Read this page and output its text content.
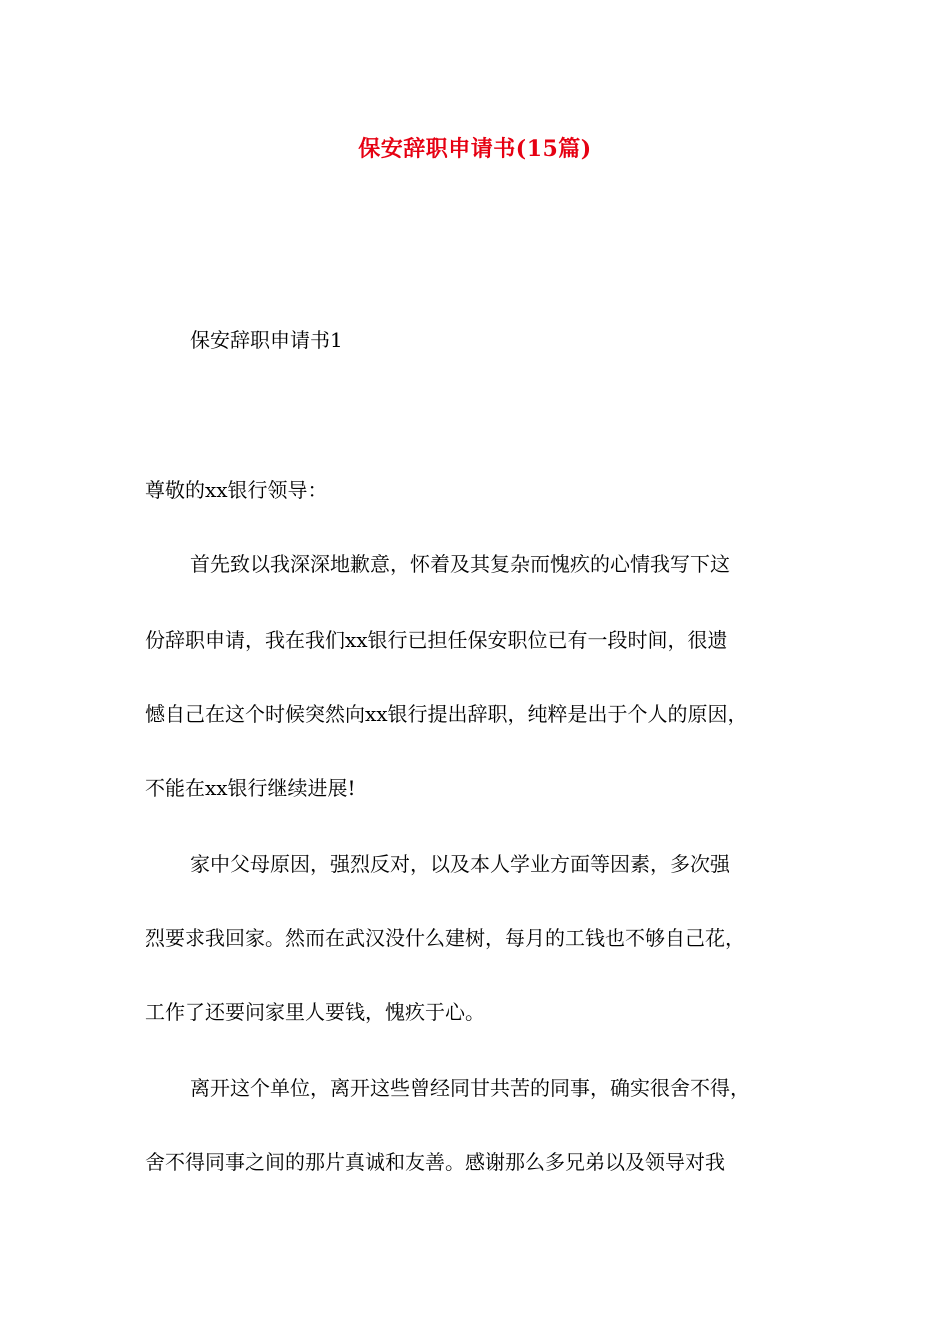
保安辞职申请书(15篇)
保安辞职申请书1
尊敬的xx银行领导：
首先致以我深深地歉意，怀着及其复杂而愧疚的心情我写下这
份辞职申请，我在我们xx银行已担任保安职位已有一段时间，很遗
憾自己在这个时候突然向xx银行提出辞职，纯粹是出于个人的原因，
不能在xx银行继续进展!
家中父母原因，强烈反对，以及本人学业方面等因素，多次强
烈要求我回家。然而在武汉没什么建树，每月的工钱也不够自己花，
工作了还要问家里人要钱，愧疚于心。
离开这个单位，离开这些曾经同甘共苦的同事，确实很舍不得，
舍不得同事之间的那片真诚和友善。感谢那么多兄弟以及领导对我
